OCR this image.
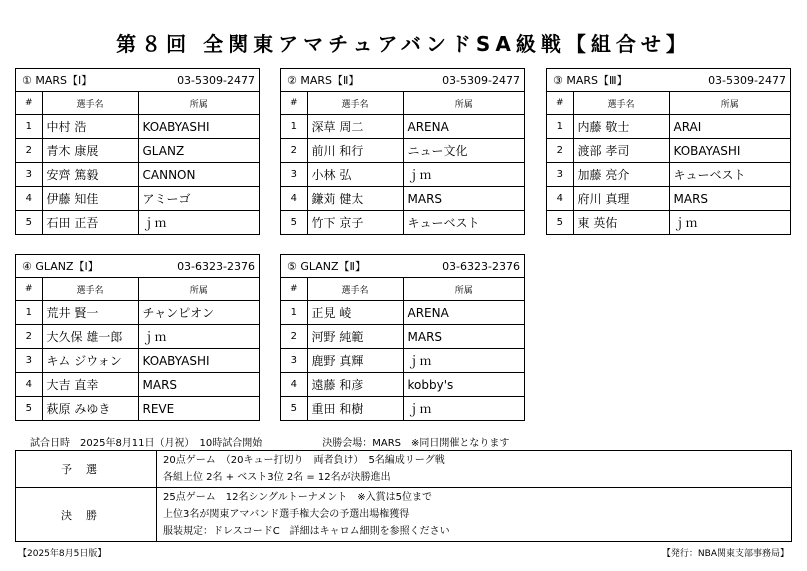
第８回 全関東アマチュアバンドSA級戦【組合せ】
① MARS【Ⅰ】	03-5309-2477
#	選手名	所属
1	中村 浩	KOABYASHI
2	青木 康展	GLANZ
3	安齊 篤毅	CANNON
4	伊藤 知佳	アミーゴ
5	石田 正吾	ｊｍ
② MARS【Ⅱ】	03-5309-2477
#	選手名	所属
1	深草 周二	ARENA
2	前川 和行	ニュー文化
3	小林 弘	ｊｍ
4	鎌苅 健太	MARS
5	竹下 京子	キューベスト
③ MARS【Ⅲ】	03-5309-2477
#	選手名	所属
1	内藤 敬士	ARAI
2	渡部 孝司	KOBAYASHI
3	加藤 亮介	キューベスト
4	府川 真理	MARS
5	東 英佑	ｊｍ
④ GLANZ【Ⅰ】	03-6323-2376
#	選手名	所属
1	荒井 賢一	チャンピオン
2	大久保 雄一郎	ｊｍ
3	キム ジウォン	KOABYASHI
4	大吉 直幸	MARS
5	萩原 みゆき	REVE
⑤ GLANZ【Ⅱ】	03-6323-2376
#	選手名	所属
1	正見 崚	ARENA
2	河野 純範	MARS
3	鹿野 真輝	ｊｍ
4	遠藤 和彦	kobby's
5	重田 和樹	ｊｍ
試合日時　2025年8月11日（月祝）　10時試合開始	決勝会場：MARS　※同日開催となります
予選	20点ゲーム　（20キュー打切り　両者負け）　5名編成リーグ戦
各組上位 2名 + ベスト3位 2名 = 12名が決勝進出

決勝	25点ゲーム　12名シングルトーナメント　※入賞は5位まで
上位3名が関東アマバンド選手権大会の予選出場権獲得
服装規定：ドレスコードC　詳細はキャロム細則を参照ください
【2025年8月5日版】	【発行：NBA関東支部事務局】
